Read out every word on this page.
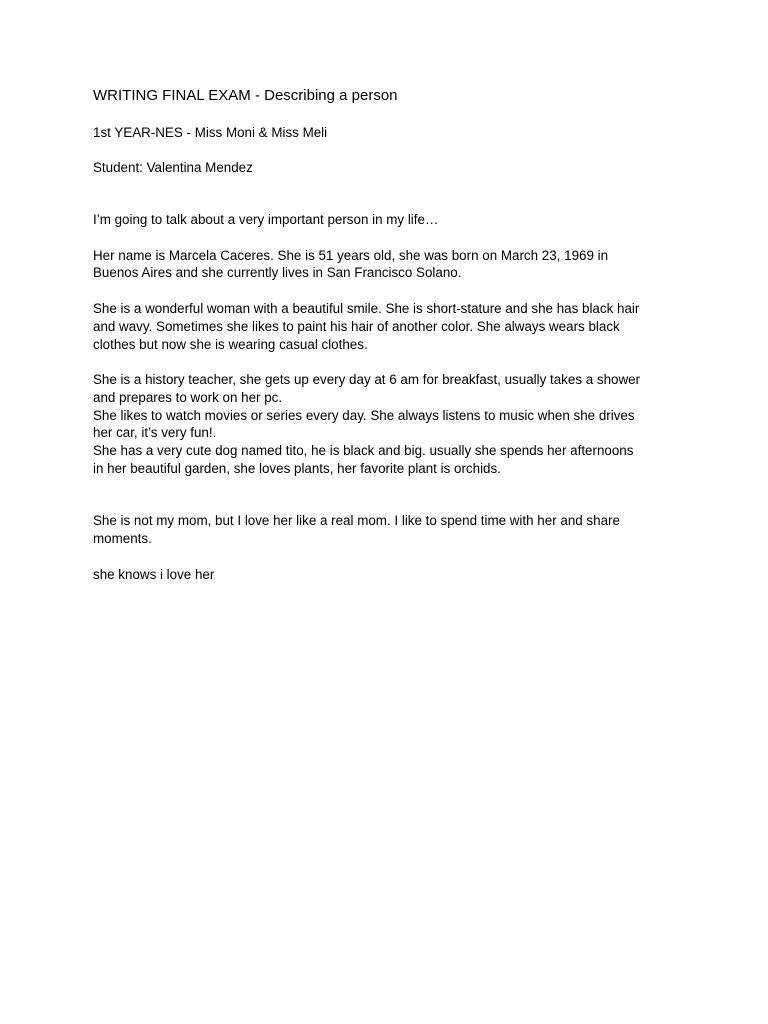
WRITING FINAL EXAM - Describing a person
1st YEAR-NES - Miss Moni & Miss Meli
Student: Valentina Mendez
I’m going to talk about a very important person in my life…
Her name is Marcela Caceres. She is 51 years old, she was born on March 23, 1969 in
Buenos Aires and she currently lives in San Francisco Solano.
She is a wonderful woman with a beautiful smile. She is short-stature and she has black hair
and wavy. Sometimes she likes to paint his hair of another color. She always wears black
clothes but now she is wearing casual clothes.
She is a history teacher, she gets up every day at 6 am for breakfast, usually takes a shower
and prepares to work on her pc.
She likes to watch movies or series every day. She always listens to music when she drives
her car, it’s very fun!.
She has a very cute dog named tito, he is black and big. usually she spends her afternoons
in her beautiful garden, she loves plants, her favorite plant is orchids.
She is not my mom, but I love her like a real mom. I like to spend time with her and share
moments.
she knows i love her
